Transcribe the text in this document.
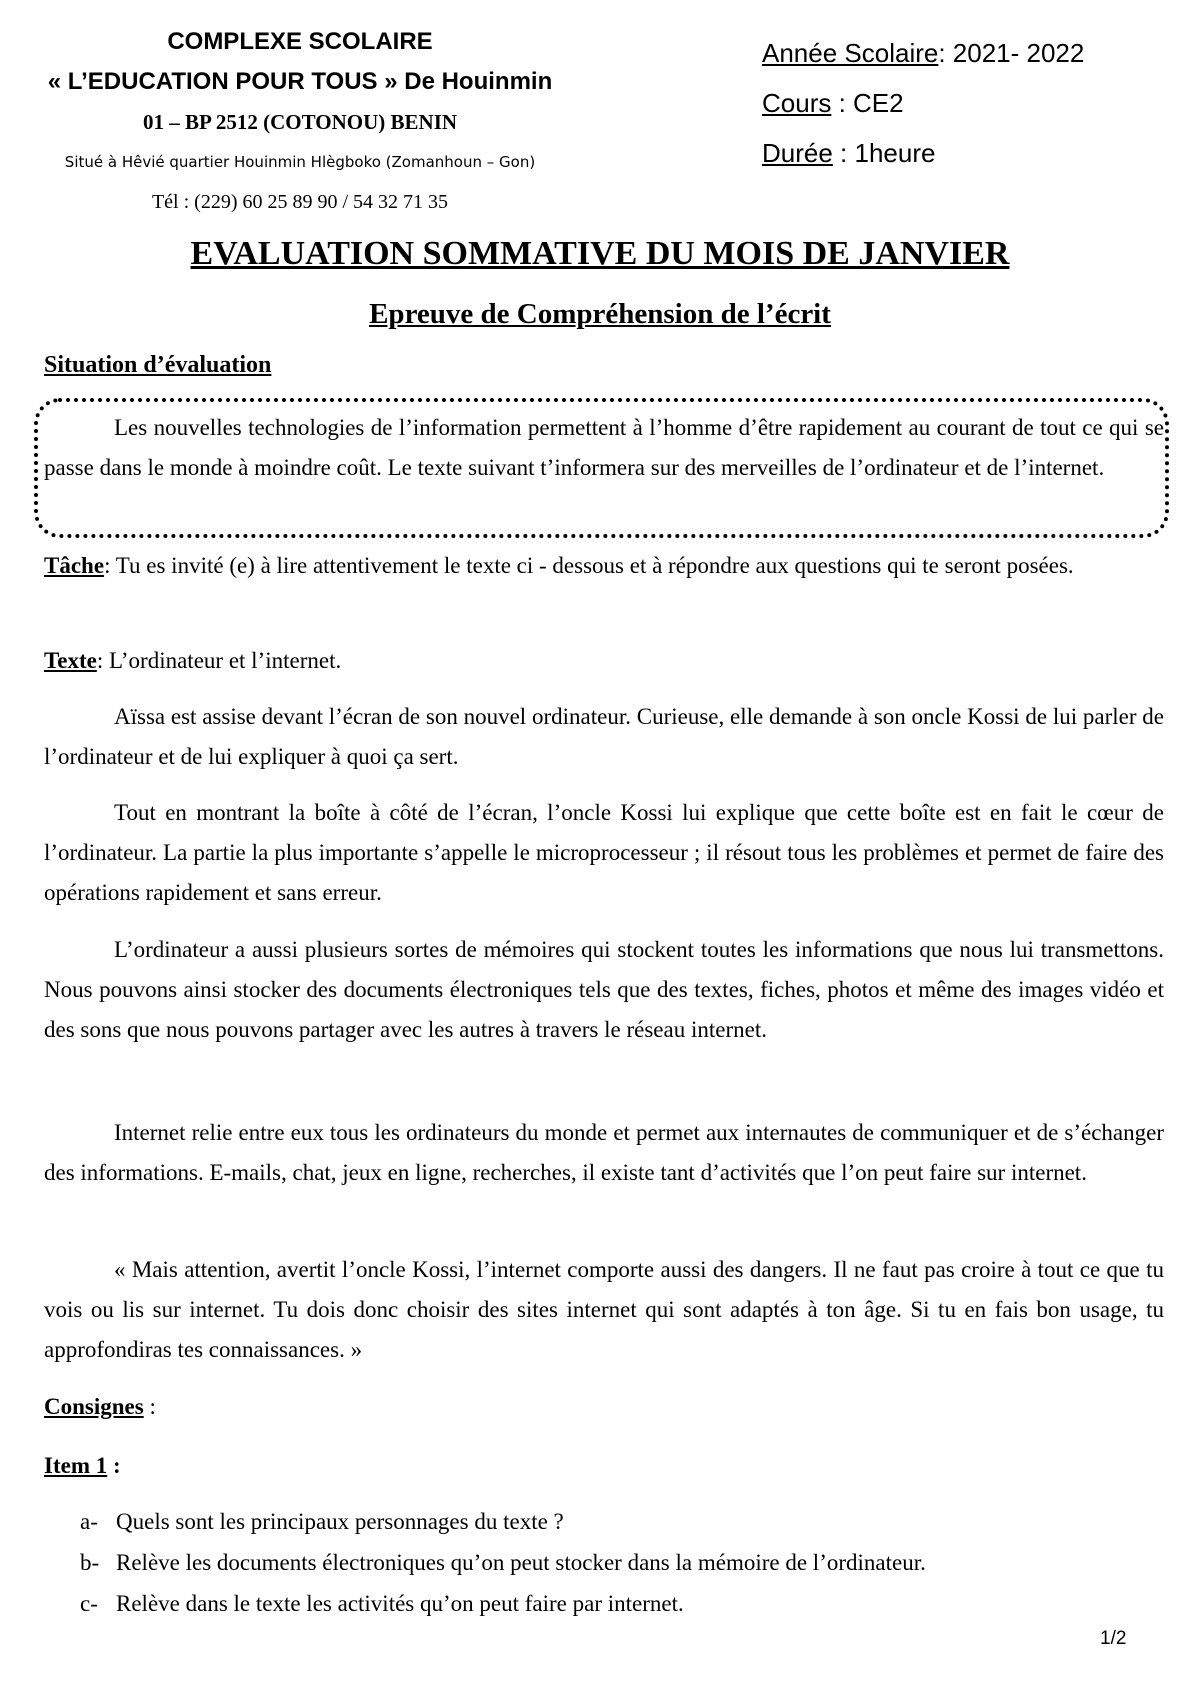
COMPLEXE SCOLAIRE
« L’EDUCATION POUR TOUS » De Houinmin
01 – BP 2512 (COTONOU) BENIN
Situé à Hêvié quartier Houinmin Hlègboko (Zomanhoun – Gon)
Tél : (229) 60 25 89 90 / 54 32 71 35
Année Scolaire: 2021- 2022
Cours : CE2
Durée : 1heure
EVALUATION SOMMATIVE DU MOIS DE JANVIER
Epreuve de Compréhension de l’écrit
Situation d’évaluation
Les nouvelles technologies de l’information permettent à l’homme d’être rapidement au courant de tout ce qui se passe dans le monde à moindre coût. Le texte suivant t’informera sur des merveilles de l’ordinateur et de l’internet.
Tâche: Tu es invité (e) à lire attentivement le texte ci - dessous et à répondre aux questions qui te seront posées.
Texte: L’ordinateur et l’internet.
Aïssa est assise devant l’écran de son nouvel ordinateur. Curieuse, elle demande à son oncle Kossi de lui parler de l’ordinateur et de lui expliquer à quoi ça sert.
Tout en montrant la boîte à côté de l’écran, l’oncle Kossi lui explique que cette boîte est en fait le cœur de l’ordinateur. La partie la plus importante s’appelle le microprocesseur ; il résout tous les problèmes et permet de faire des opérations rapidement et sans erreur.
L’ordinateur a aussi plusieurs sortes de mémoires qui stockent toutes les informations que nous lui transmettons. Nous pouvons ainsi stocker des documents électroniques tels que des textes, fiches, photos et même des images vidéo et des sons que nous pouvons partager avec les autres à travers le réseau internet.
Internet relie entre eux tous les ordinateurs du monde et permet aux internautes de communiquer et de s’échanger des informations. E-mails, chat, jeux en ligne, recherches, il existe tant d’activités que l’on peut faire sur internet.
« Mais attention, avertit l’oncle Kossi, l’internet comporte aussi des dangers. Il ne faut pas croire à tout ce que tu vois ou lis sur internet. Tu dois donc choisir des sites internet qui sont adaptés à ton âge. Si tu en fais bon usage, tu approfondiras tes connaissances. »
Consignes :
Item 1 :
a- Quels sont les principaux personnages du texte ?
b- Relève les documents électroniques qu’on peut stocker dans la mémoire de l’ordinateur.
c- Relève dans le texte les activités qu’on peut faire par internet.
1/2
